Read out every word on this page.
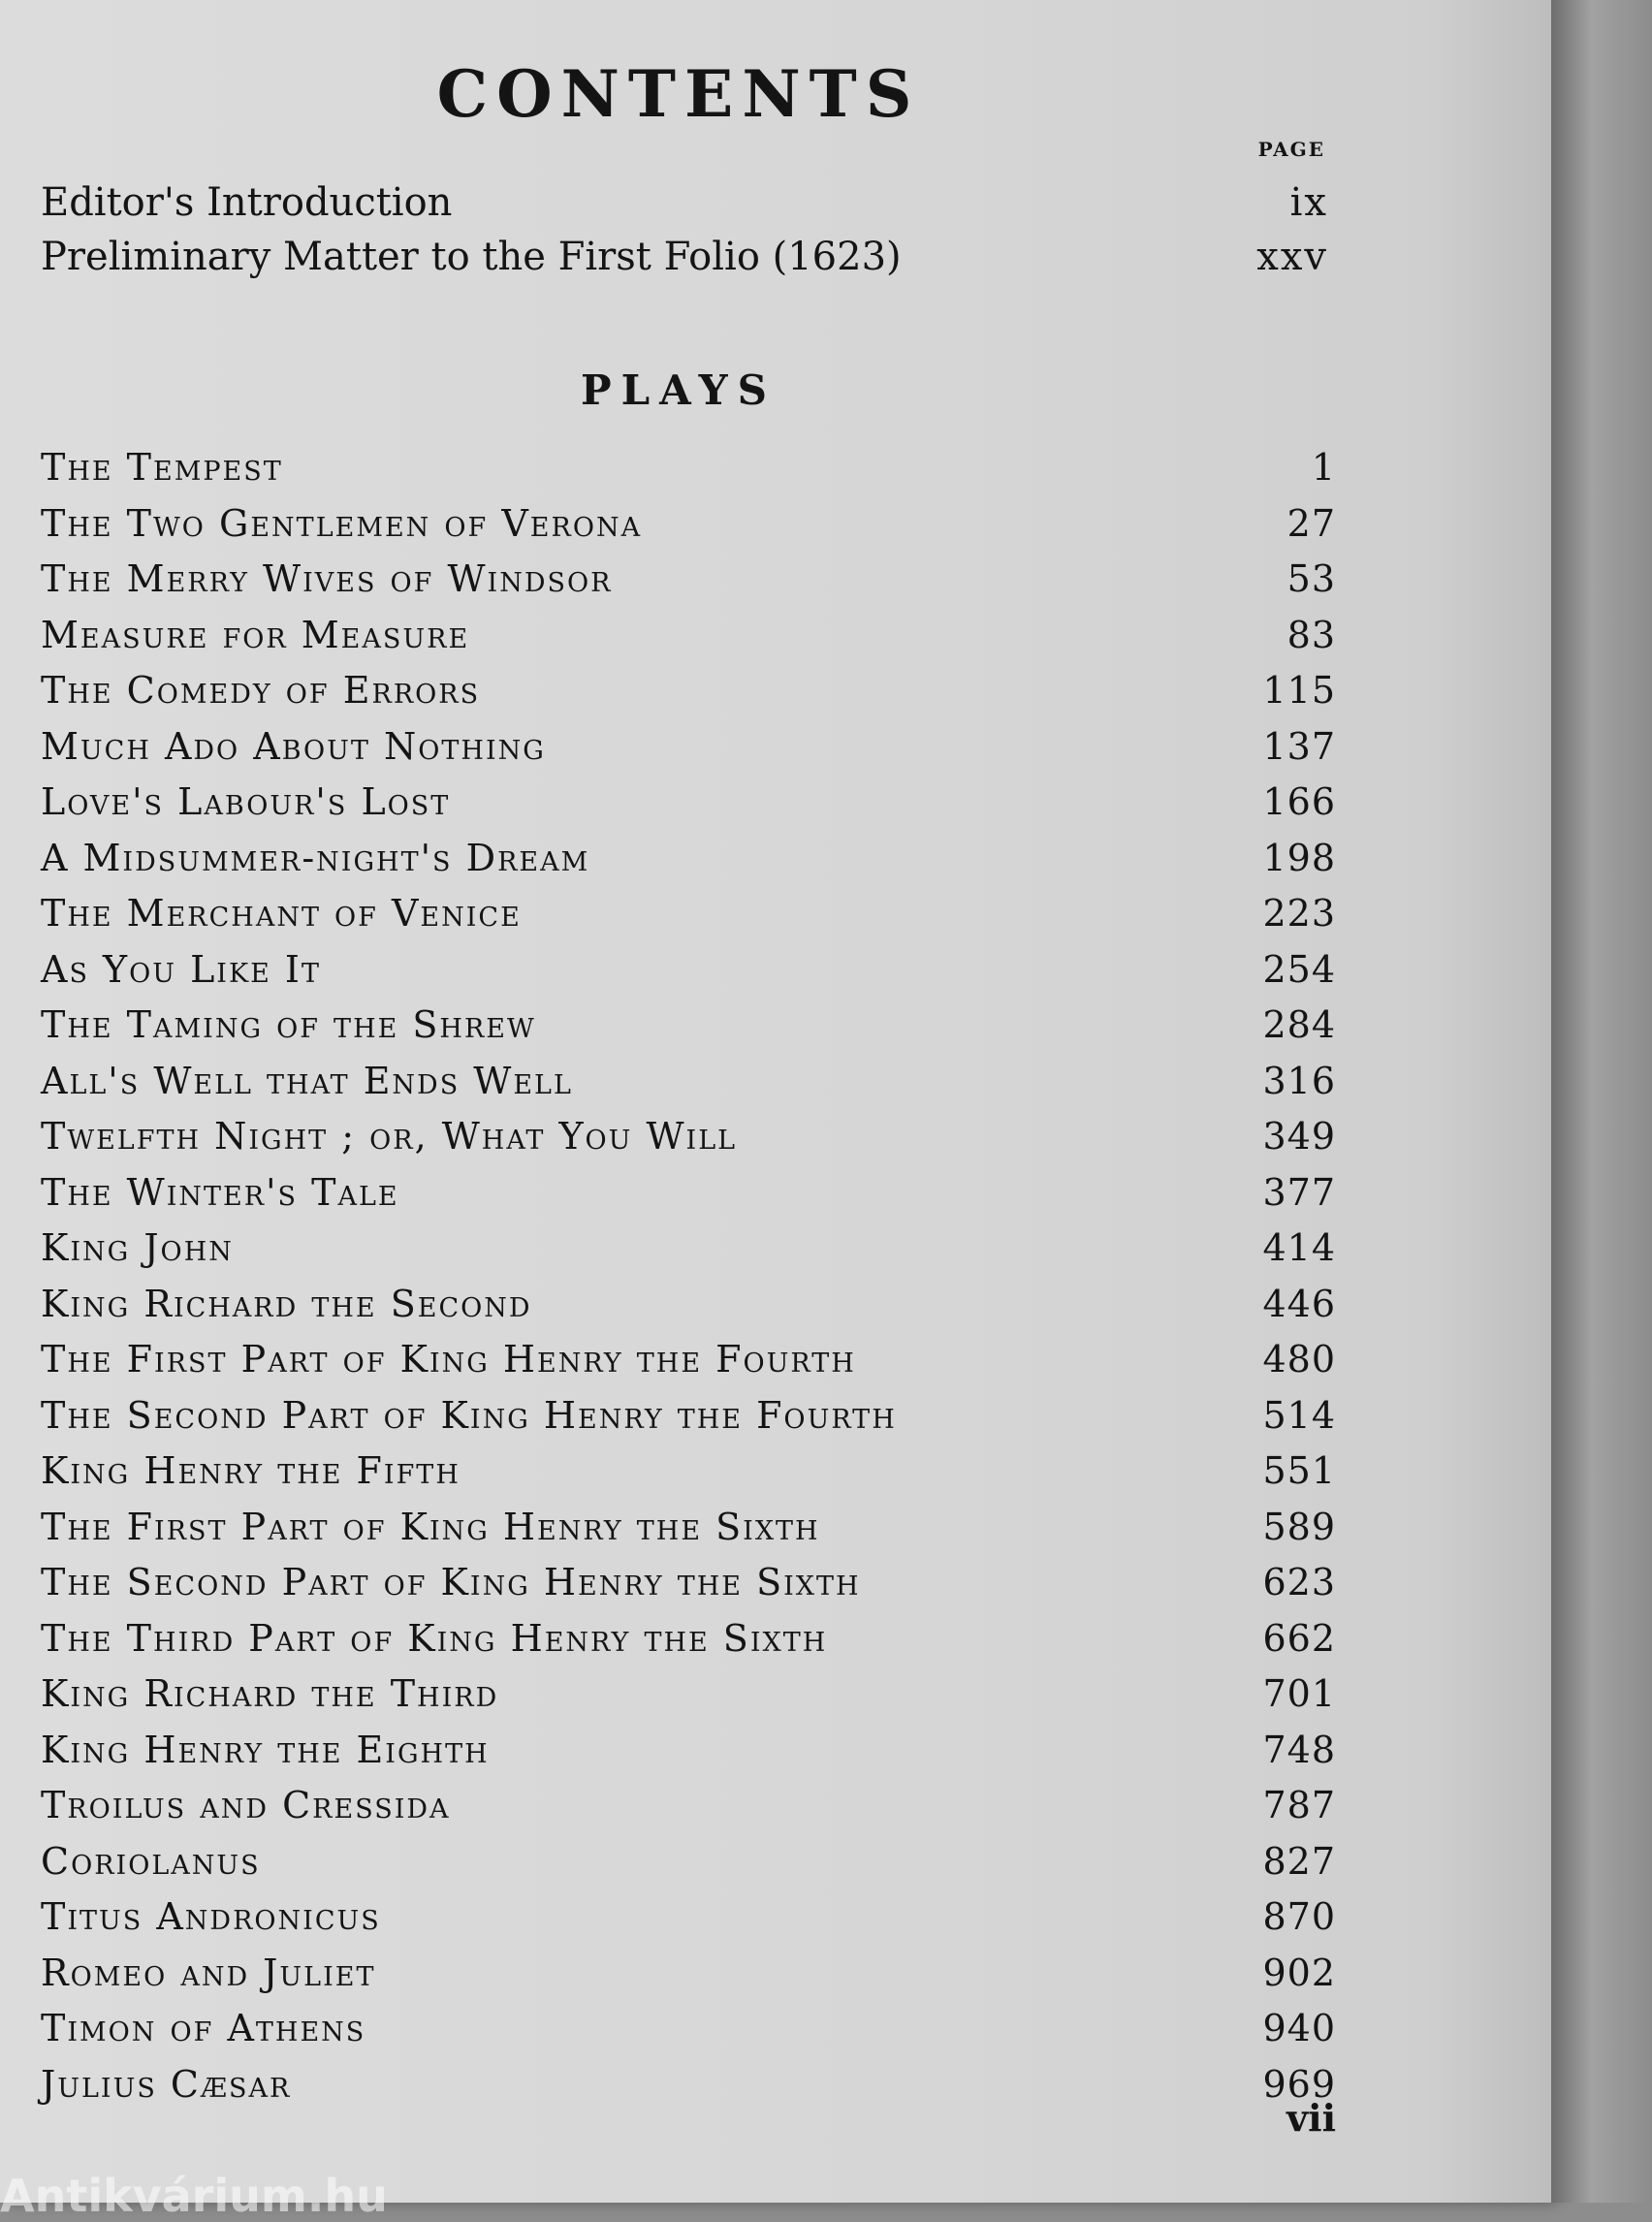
CONTENTS
PAGE
Editor's Introduction	ix
Preliminary Matter to the First Folio (1623)	xxv
PLAYS
The Tempest	1
The Two Gentlemen of Verona	27
The Merry Wives of Windsor	53
Measure for Measure	83
The Comedy of Errors	115
Much Ado About Nothing	137
Love's Labour's Lost	166
A Midsummer-night's Dream	198
The Merchant of Venice	223
As You Like It	254
The Taming of the Shrew	284
All's Well that Ends Well	316
Twelfth Night ; or, What You Will	349
The Winter's Tale	377
King John	414
King Richard the Second	446
The First Part of King Henry the Fourth	480
The Second Part of King Henry the Fourth	514
King Henry the Fifth	551
The First Part of King Henry the Sixth	589
The Second Part of King Henry the Sixth	623
The Third Part of King Henry the Sixth	662
King Richard the Third	701
King Henry the Eighth	748
Troilus and Cressida	787
Coriolanus	827
Titus Andronicus	870
Romeo and Juliet	902
Timon of Athens	940
Julius Cæsar	969
vii
Antikvárium.hu
